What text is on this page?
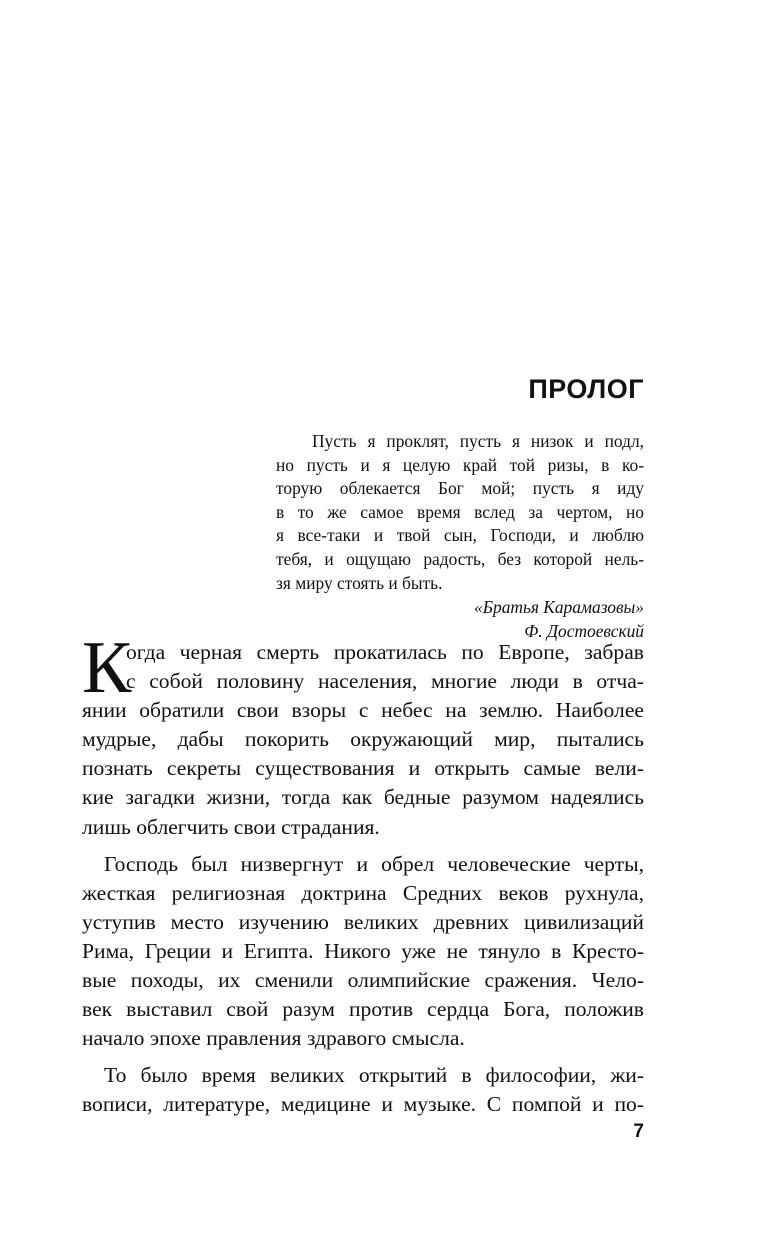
ПРОЛОГ
Пусть я проклят, пусть я низок и подл,
но пусть и я целую край той ризы, в ко-
торую облекается Бог мой; пусть я иду
в то же самое время вслед за чертом, но
я все-таки и твой сын, Господи, и люблю
тебя, и ощущаю радость, без которой нель-
зя миру стоять и быть.
«Братья Карамазовы»
Ф. Достоевский
К
огда черная смерть прокатилась по Европе, забрав
с собой половину населения, многие люди в отча-
янии обратили свои взоры с небес на землю. Наиболее
мудрые, дабы покорить окружающий мир, пытались
познать секреты существования и открыть самые вели-
кие загадки жизни, тогда как бедные разумом надеялись
лишь облегчить свои страдания.
Господь был низвергнут и обрел человеческие черты,
жесткая религиозная доктрина Средних веков рухнула,
уступив место изучению великих древних цивилизаций
Рима, Греции и Египта. Никого уже не тянуло в Кресто-
вые походы, их сменили олимпийские сражения. Чело-
век выставил свой разум против сердца Бога, положив
начало эпохе правления здравого смысла.
То было время великих открытий в философии, жи-
вописи, литературе, медицине и музыке. С помпой и по-
7
